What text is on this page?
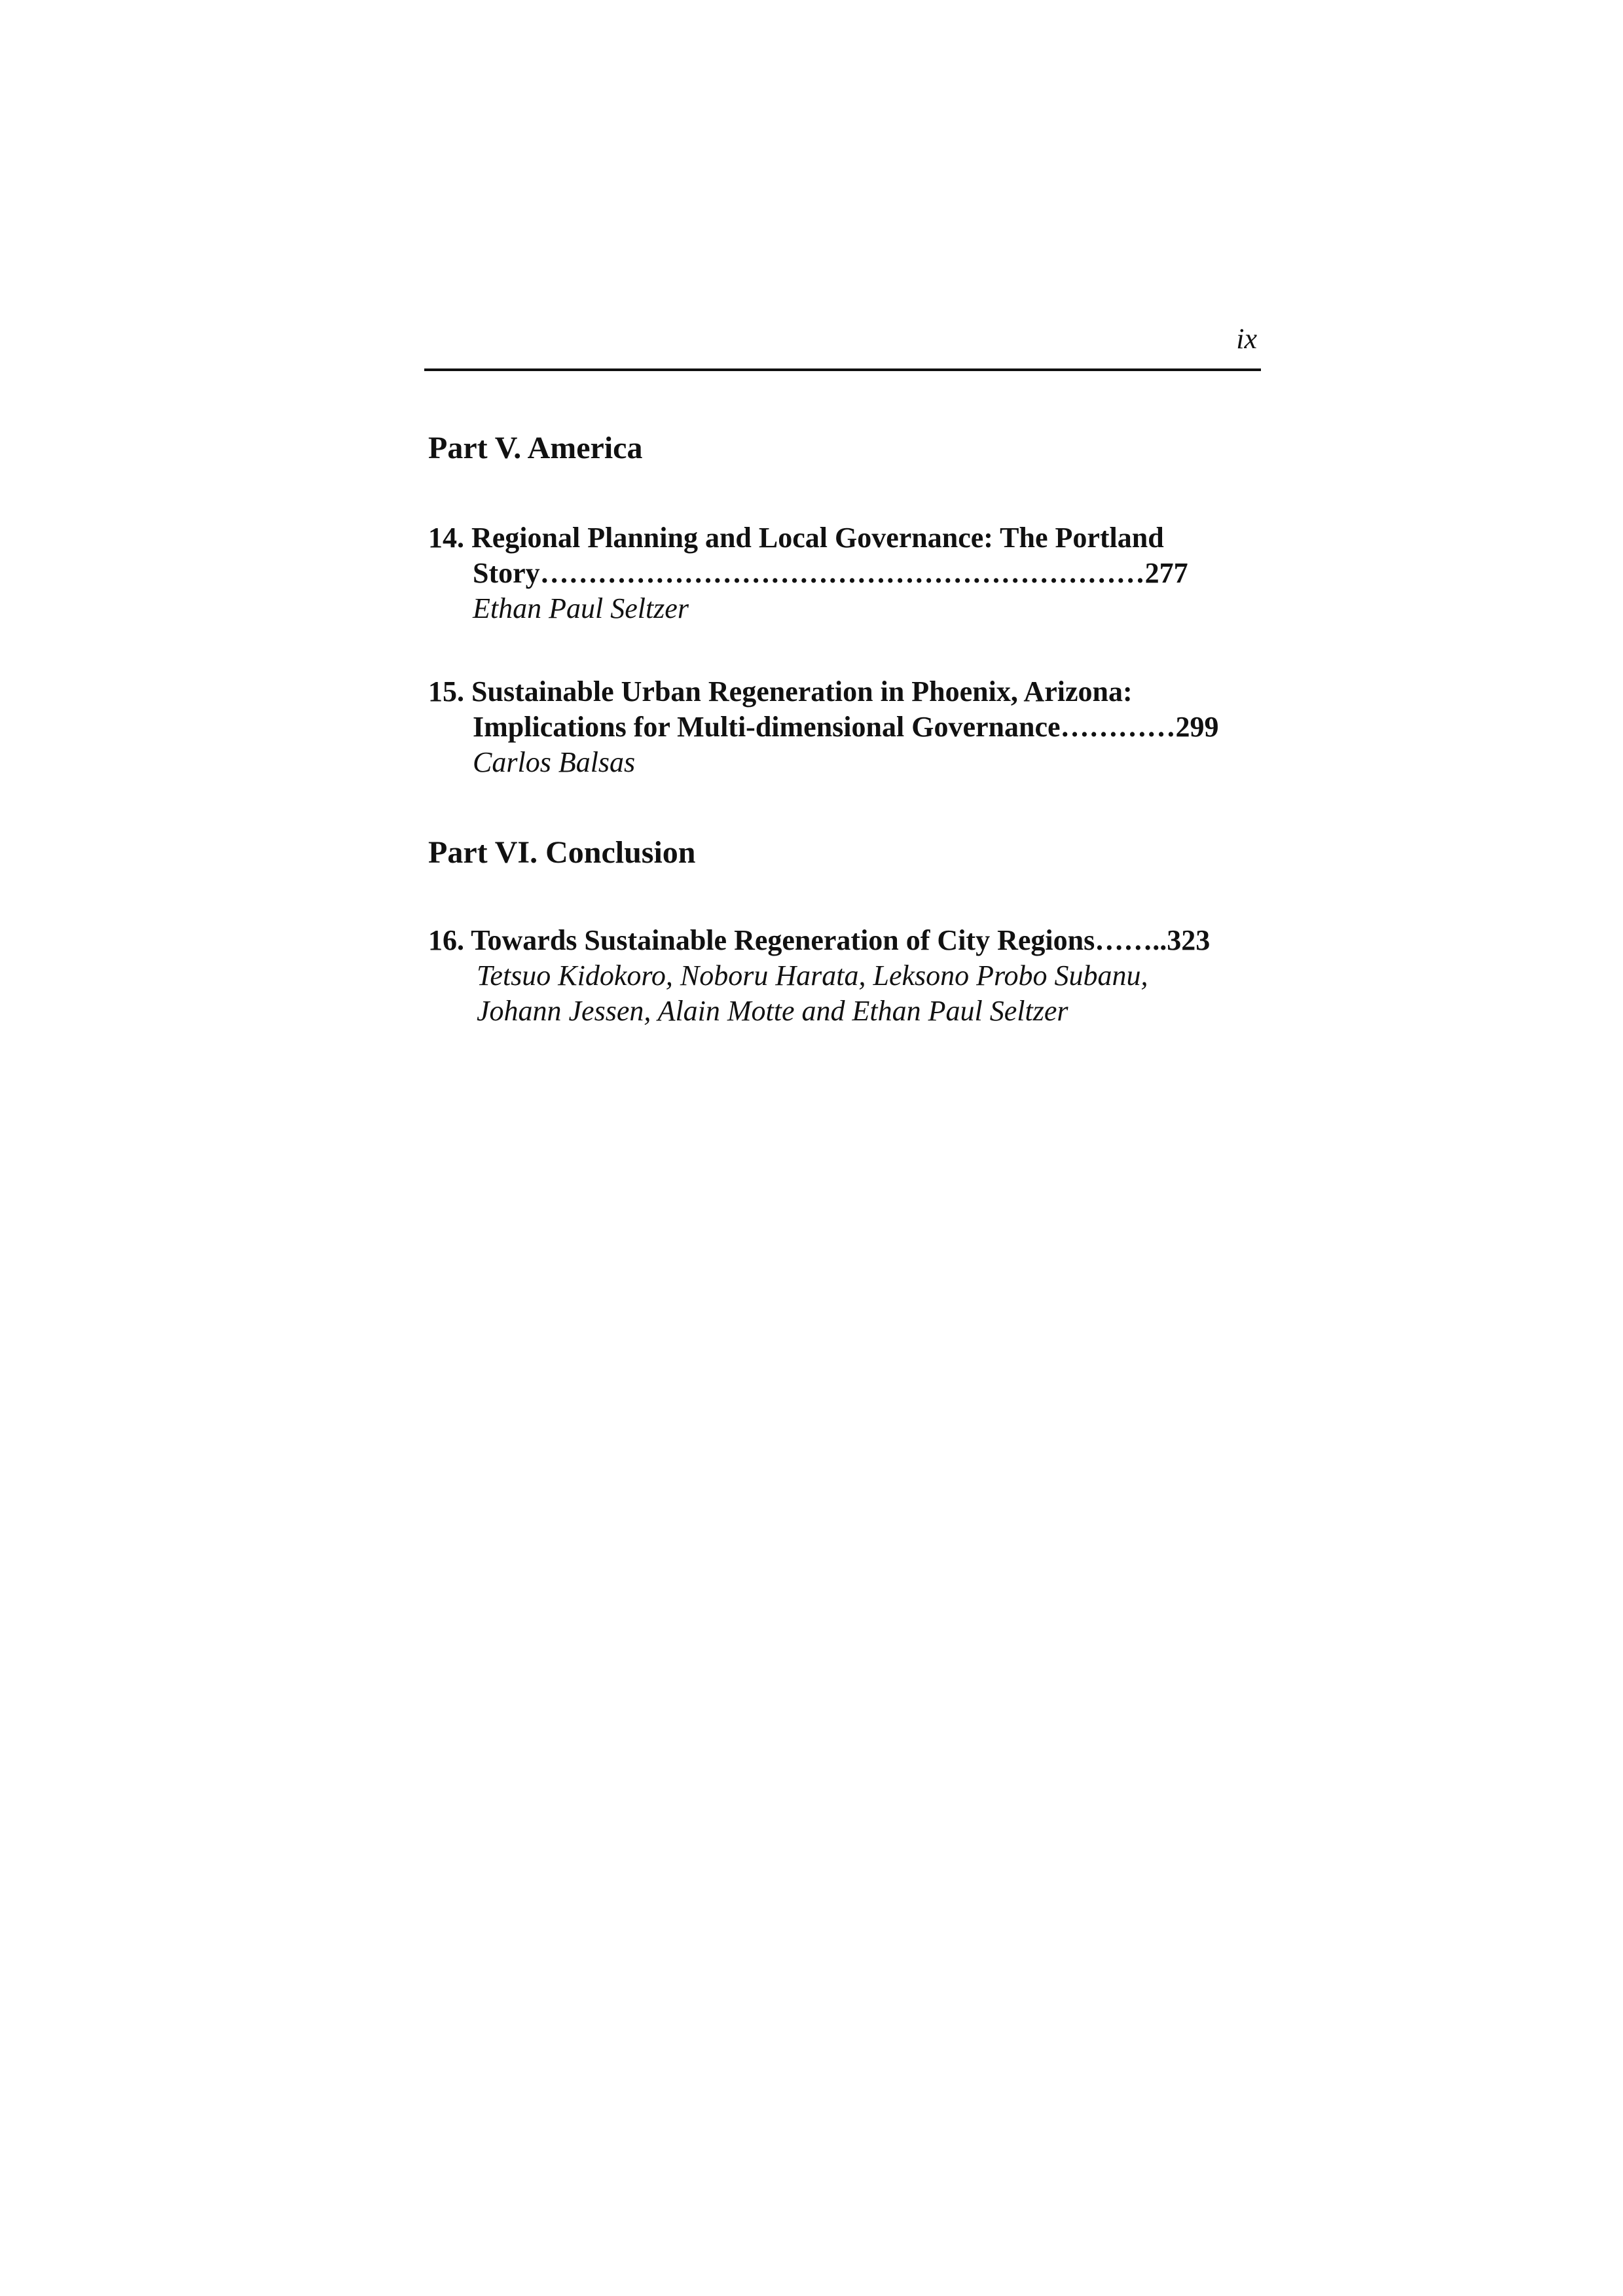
ix
Part V. America
14. Regional Planning and Local Governance: The Portland
Story………………………………………………………277
Ethan Paul Seltzer
15. Sustainable Urban Regeneration in Phoenix, Arizona:
Implications for Multi-dimensional Governance…………299
Carlos Balsas
Part VI. Conclusion
16. Towards Sustainable Regeneration of City Regions……..323
Tetsuo Kidokoro, Noboru Harata, Leksono Probo Subanu,
Johann Jessen, Alain Motte and Ethan Paul Seltzer
